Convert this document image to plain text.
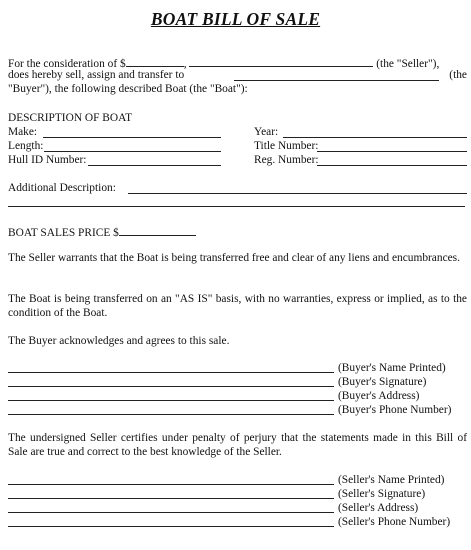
BOAT BILL OF SALE
For the consideration of $	,	(the "Seller"),
does hereby sell, assign and transfer to	(the
"Buyer"), the following described Boat (the "Boat"):
DESCRIPTION OF BOAT
Make:	Year:
Length:	Title Number:
Hull ID Number:	Reg. Number:
Additional Description:
BOAT SALES PRICE $
The Seller warrants that the Boat is being transferred free and clear of any liens and encumbrances.
The Boat is being transferred on an "AS IS" basis, with no warranties, express or implied, as to the condition of the Boat.
The Buyer acknowledges and agrees to this sale.
(Buyer's Name Printed)
(Buyer's Signature)
(Buyer's Address)
(Buyer's Phone Number)
The undersigned Seller certifies under penalty of perjury that the statements made in this Bill of Sale are true and correct to the best knowledge of the Seller.
(Seller's Name Printed)
(Seller's Signature)
(Seller's Address)
(Seller's Phone Number)
